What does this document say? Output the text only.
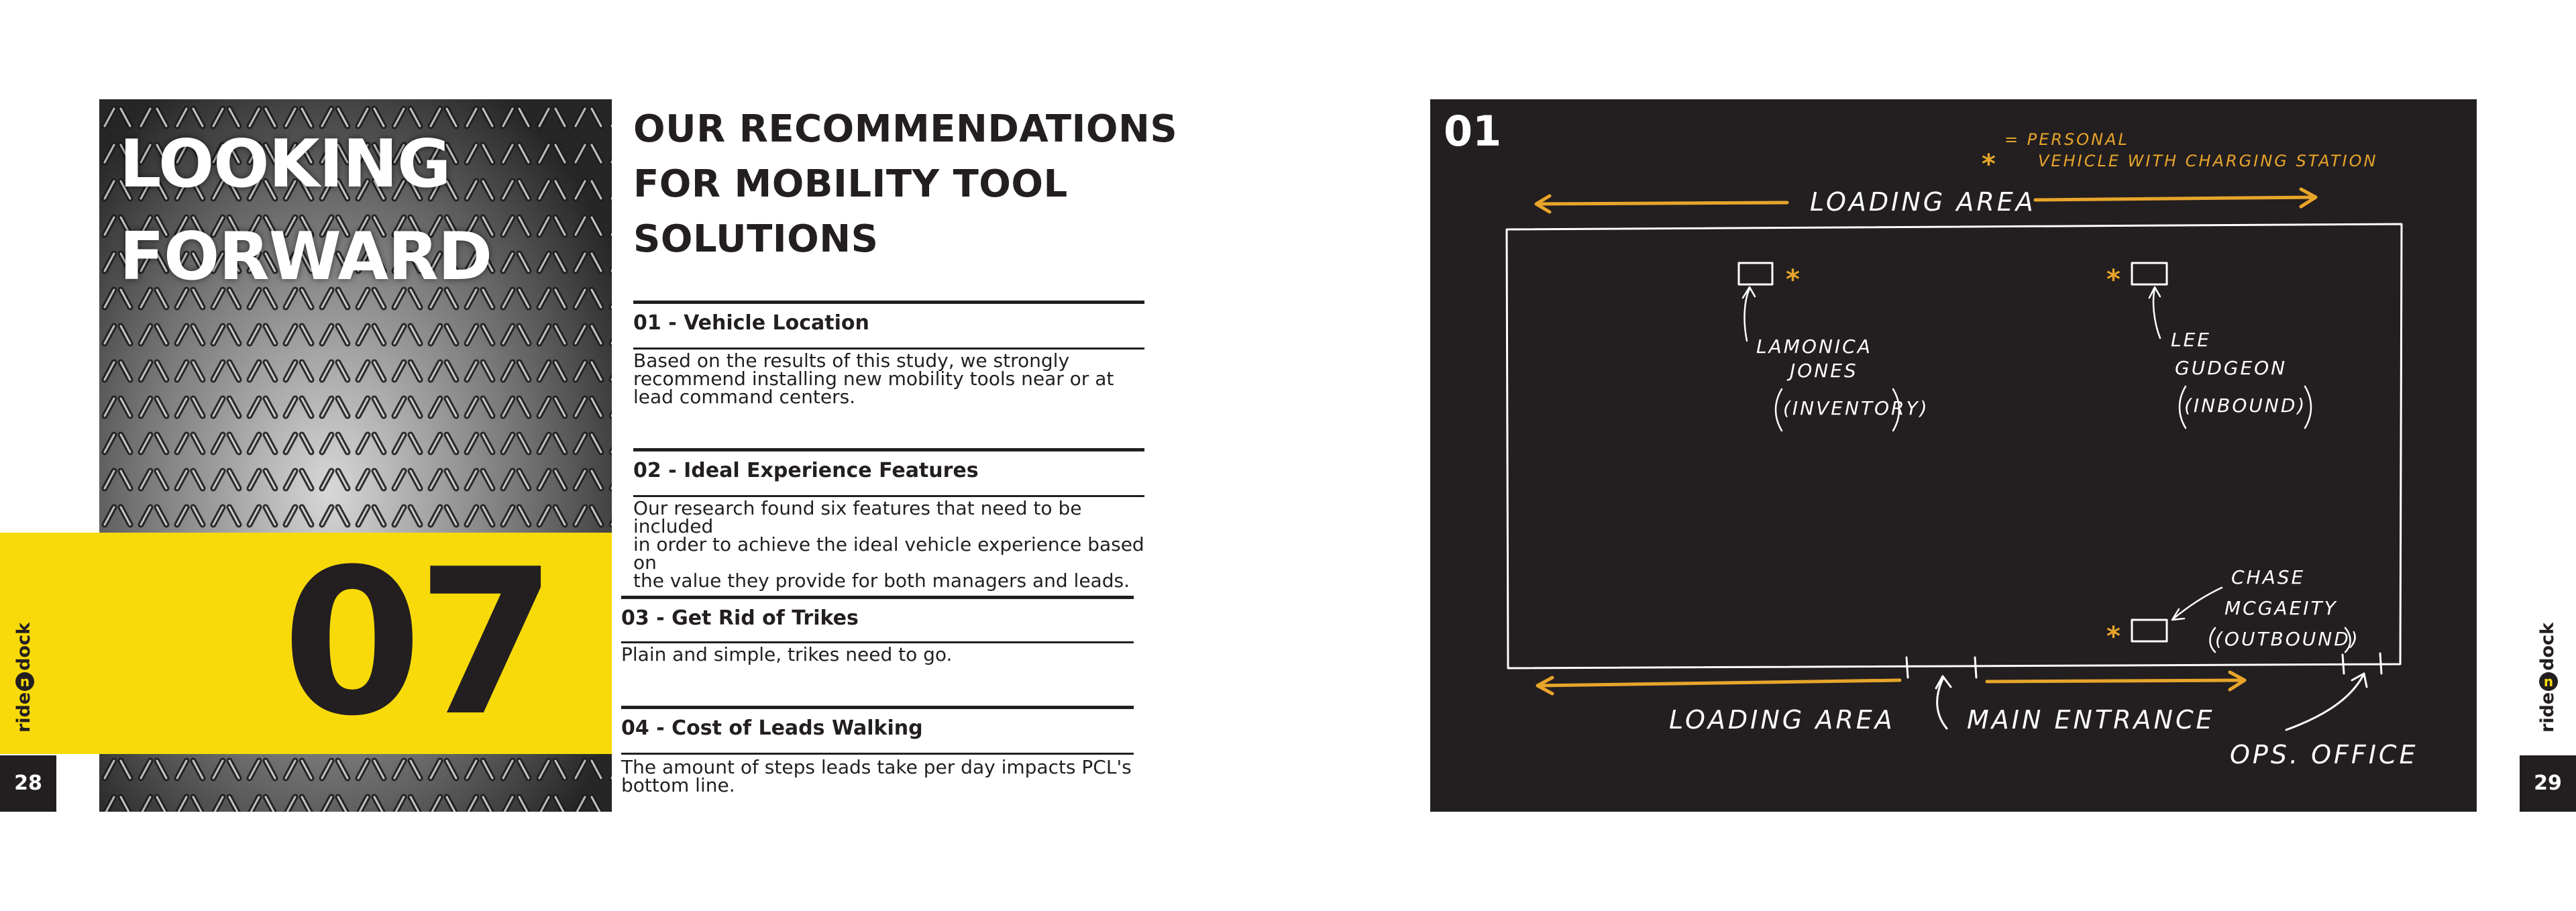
LOOKING
FORWARD
07
ridendock
28
OUR RECOMMENDATIONS
FOR MOBILITY TOOL
SOLUTIONS
01 - Vehicle Location

Based on the results of this study, we strongly
recommend installing new mobility tools near or at
lead command centers.

02 - Ideal Experience Features

Our research found six features that need to be included
in order to achieve the ideal vehicle experience based on
the value they provide for both managers and leads.

03 - Get Rid of Trikes

Plain and simple, trikes need to go.

04 - Cost of Leads Walking

The amount of steps leads take per day impacts PCL's
bottom line.

*	*
*
*
= PERSONAL
VEHICLE WITH CHARGING STATION
LOADING AREA
LAMONICA
JONES
(INVENTORY)
LEE
GUDGEON
(INBOUND)
CHASE
MCGAEITY
(OUTBOUND)
LOADING AREA	MAIN ENTRANCE
OPS. OFFICE
01
ridendock
29
